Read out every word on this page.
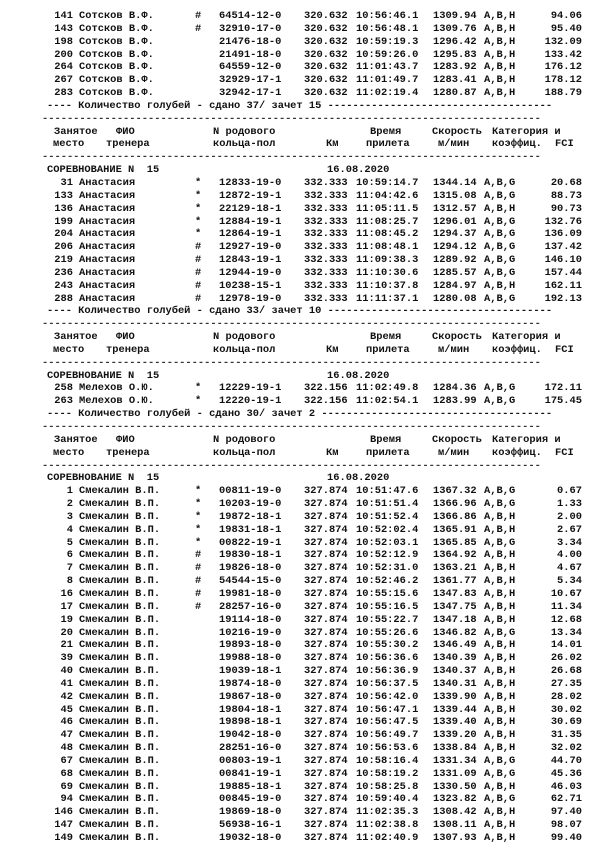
141 Сотсков В.Ф.	# 64514-12-0 320.632 10:56:46.1 1309.94 A,B,H	94.06
143 Сотсков В.Ф.	# 32910-17-0 320.632 10:56:48.1 1309.76 A,B,H	95.40
198 Сотсков В.Ф.	21476-18-0 320.632 10:59:19.3 1296.42 A,B,H	132.09
200 Сотсков В.Ф.	21491-18-0 320.632 10:59:26.0 1295.83 A,B,H	133.42
264 Сотсков В.Ф.	64559-12-0 320.632 11:01:43.7 1283.92 A,B,H	176.12
267 Сотсков В.Ф.	32929-17-1 320.632 11:01:49.7 1283.41 A,B,H	178.12
283 Сотсков В.Ф.	32942-17-1 320.632 11:02:19.4 1280.87 A,B,H	188.79
---- Количество голубей - сдано 37/ зачет 15 ------------------------------------
--------------------------------------------------------------------------------
Занятое ФИО	N родового	Время	Скорость Категория и
место тренера	кольца-пол	Км	прилета	м/мин коэффиц. FCI
--------------------------------------------------------------------------------
СОРЕВНОВАНИЕ N  15	16.08.2020
31 Анастасия	* 12833-19-0 332.333 10:59:14.7 1344.14 A,B,G	20.68
133 Анастасия	* 12872-19-1 332.333 11:04:42.6 1315.08 A,B,G	88.73
136 Анастасия	* 22129-18-1 332.333 11:05:11.5 1312.57 A,B,H	90.73
199 Анастасия	* 12884-19-1 332.333 11:08:25.7 1296.01 A,B,G	132.76
204 Анастасия	* 12864-19-1 332.333 11:08:45.2 1294.37 A,B,G	136.09
206 Анастасия	# 12927-19-0 332.333 11:08:48.1 1294.12 A,B,G	137.42
219 Анастасия	# 12843-19-1 332.333 11:09:38.3 1289.92 A,B,G	146.10
236 Анастасия	# 12944-19-0 332.333 11:10:30.6 1285.57 A,B,G	157.44
243 Анастасия	# 10238-15-1 332.333 11:10:37.8 1284.97 A,B,H	162.11
288 Анастасия	# 12978-19-0 332.333 11:11:37.1 1280.08 A,B,G	192.13
---- Количество голубей - сдано 33/ зачет 10 ------------------------------------
--------------------------------------------------------------------------------
Занятое ФИО	N родового	Время	Скорость Категория и
место тренера	кольца-пол	Км	прилета	м/мин коэффиц. FCI
--------------------------------------------------------------------------------
СОРЕВНОВАНИЕ N  15	16.08.2020
258 Мелехов О.Ю.	* 12229-19-1 322.156 11:02:49.8 1284.36 A,B,G	172.11
263 Мелехов О.Ю.	* 12220-19-1 322.156 11:02:54.1 1283.99 A,B,G	175.45
---- Количество голубей - сдано 30/ зачет 2 -------------------------------------
--------------------------------------------------------------------------------
Занятое ФИО	N родового	Время	Скорость Категория и
место тренера	кольца-пол	Км	прилета	м/мин коэффиц. FCI
--------------------------------------------------------------------------------
СОРЕВНОВАНИЕ N  15	16.08.2020
1 Смекалин В.П.	* 00811-19-0 327.874 10:51:47.6 1367.32 A,B,G	0.67
2 Смекалин В.П.	* 10203-19-0 327.874 10:51:51.4 1366.96 A,B,G	1.33
3 Смекалин В.П.	* 19872-18-1 327.874 10:51:52.4 1366.86 A,B,H	2.00
4 Смекалин В.П.	* 19831-18-1 327.874 10:52:02.4 1365.91 A,B,H	2.67
5 Смекалин В.П.	* 00822-19-1 327.874 10:52:03.1 1365.85 A,B,G	3.34
6 Смекалин В.П.	# 19830-18-1 327.874 10:52:12.9 1364.92 A,B,H	4.00
7 Смекалин В.П.	# 19826-18-0 327.874 10:52:31.0 1363.21 A,B,H	4.67
8 Смекалин В.П.	# 54544-15-0 327.874 10:52:46.2 1361.77 A,B,H	5.34
16 Смекалин В.П.	# 19981-18-0 327.874 10:55:15.6 1347.83 A,B,H	10.67
17 Смекалин В.П.	# 28257-16-0 327.874 10:55:16.5 1347.75 A,B,H	11.34
19 Смекалин В.П.	19114-18-0 327.874 10:55:22.7 1347.18 A,B,H	12.68
20 Смекалин В.П.	10216-19-0 327.874 10:55:26.6 1346.82 A,B,G	13.34
21 Смекалин В.П.	19893-18-0 327.874 10:55:30.2 1346.49 A,B,H	14.01
39 Смекалин В.П.	19988-18-0 327.874 10:56:36.6 1340.39 A,B,H	26.02
40 Смекалин В.П.	19039-18-1 327.874 10:56:36.9 1340.37 A,B,H	26.68
41 Смекалин В.П.	19874-18-0 327.874 10:56:37.5 1340.31 A,B,H	27.35
42 Смекалин В.П.	19867-18-0 327.874 10:56:42.0 1339.90 A,B,H	28.02
45 Смекалин В.П.	19804-18-1 327.874 10:56:47.1 1339.44 A,B,H	30.02
46 Смекалин В.П.	19898-18-1 327.874 10:56:47.5 1339.40 A,B,H	30.69
47 Смекалин В.П.	19042-18-0 327.874 10:56:49.7 1339.20 A,B,H	31.35
48 Смекалин В.П.	28251-16-0 327.874 10:56:53.6 1338.84 A,B,H	32.02
67 Смекалин В.П.	00803-19-1 327.874 10:58:16.4 1331.34 A,B,G	44.70
68 Смекалин В.П.	00841-19-1 327.874 10:58:19.2 1331.09 A,B,G	45.36
69 Смекалин В.П.	19885-18-1 327.874 10:58:25.8 1330.50 A,B,H	46.03
94 Смекалин В.П.	00845-19-0 327.874 10:59:40.4 1323.82 A,B,G	62.71
146 Смекалин В.П.	19869-18-0 327.874 11:02:35.3 1308.42 A,B,H	97.40
147 Смекалин В.П.	56938-16-1 327.874 11:02:38.8 1308.11 A,B,H	98.07
149 Смекалин В.П.	19032-18-0 327.874 11:02:40.9 1307.93 A,B,H	99.40
